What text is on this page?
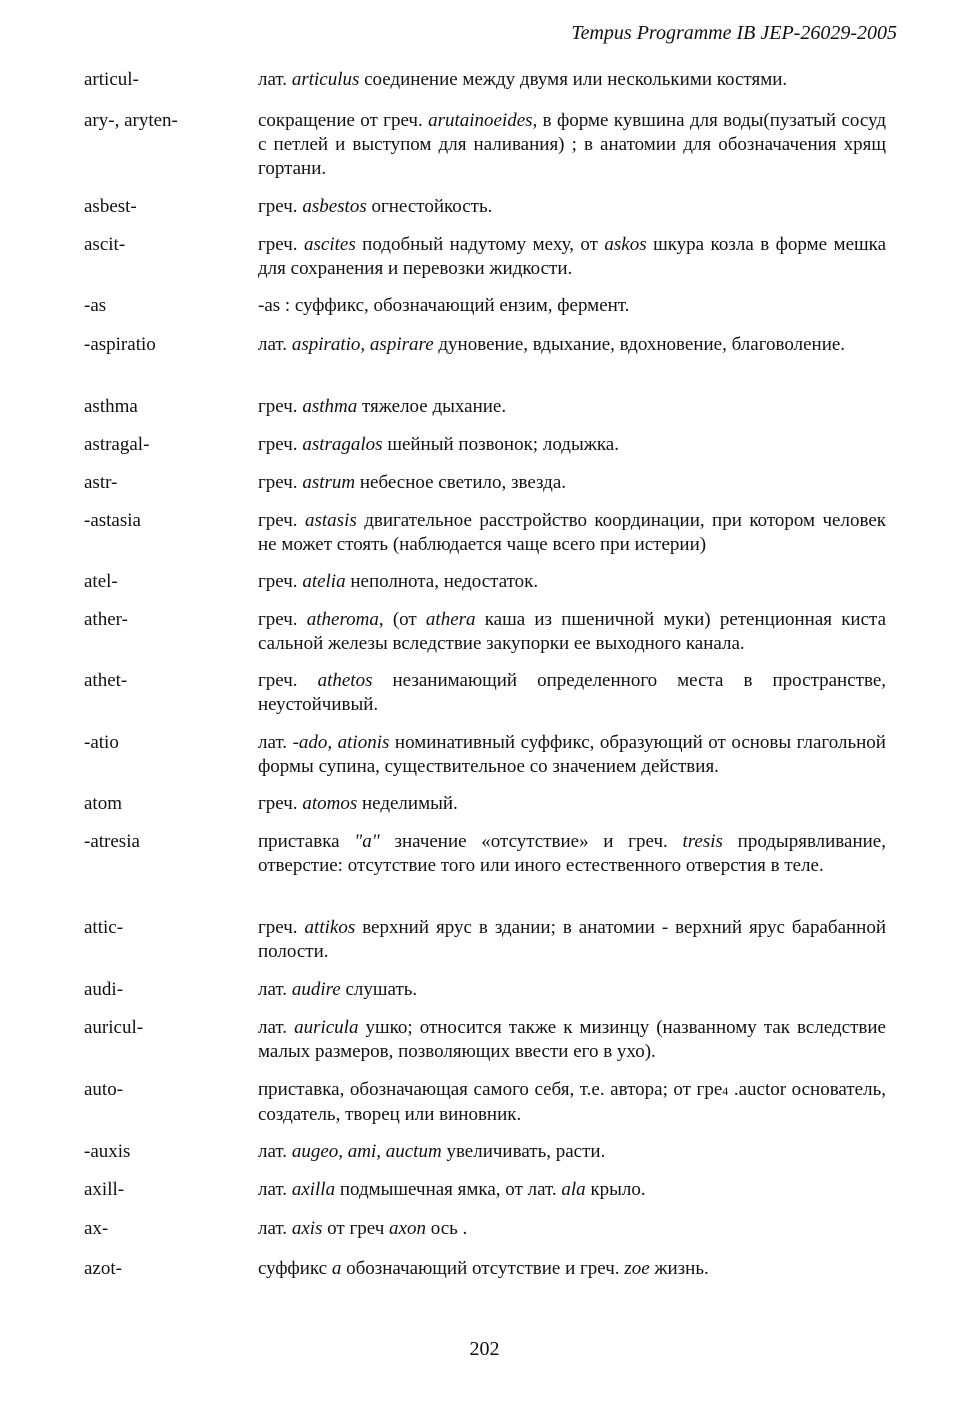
Tempus Programme IB JEP-26029-2005
articul-	лат. articulus соединение между двумя или несколькими костями.
ary-, aryten-	сокращение от греч. arutainoeides, в форме кувшина для воды(пузатый сосуд с петлей и выступом для наливания) ; в анатомии для обозначачения хрящ гортани.
asbest-	греч. asbestos огнестойкость.
ascit-	греч. ascites подобный надутому меху, от askos шкура козла в форме мешка для сохранения и перевозки жидкости.
-as	-as : суффикс, обозначающий ензим, фермент.
-aspiratio	лат. aspiratio, aspirare дуновение, вдыхание, вдохновение, благоволение.
asthma	греч. asthma тяжелое дыхание.
astragal-	греч. astragalos шейный позвонок; лодыжка.
astr-	греч. astrum небесное светило, звезда.
-astasia	греч. astasis двигательное расстройство координации, при котором человек не может стоять (наблюдается чаще всего при истерии)
atel-	греч. atelia неполнота, недостаток.
ather-	греч. atheroma, (от athera каша из пшеничной муки) ретенционная киста сальной железы вследствие закупорки ее выходного канала.
athet-	греч. athetos незанимающий определенного места в пространстве, неустойчивый.
-atio	лат. -ado, ationis номинативный суффикс, образующий от основы глагольной формы супина, существительное со значением действия.
atom	греч. atomos неделимый.
-atresia	приставка "а" значение «отсутствие» и греч. tresis продырявливание, отверстие: отсутствие того или иного естественного отверстия в теле.
attic-	греч. attikos верхний ярус в здании; в анатомии - верхний ярус барабанной полости.
audi-	лат. audire слушать.
auricul-	лат. auricula ушко; относится также к мизинцу (названному так вследствие малых размеров, позволяющих ввести его в ухо).
auto-	приставка, обозначающая самого себя, т.е. автора; от гре4 .auctor основатель, создатель, творец или виновник.
-auxis	лат. augeo, ami, auctum увеличивать, расти.
axill-	лат. axilla подмышечная ямка, от лат. ala крыло.
ax-	лат. axis от греч axon ось .
azot-	суффикс а обозначающий отсутствие и греч. zoe жизнь.
202
